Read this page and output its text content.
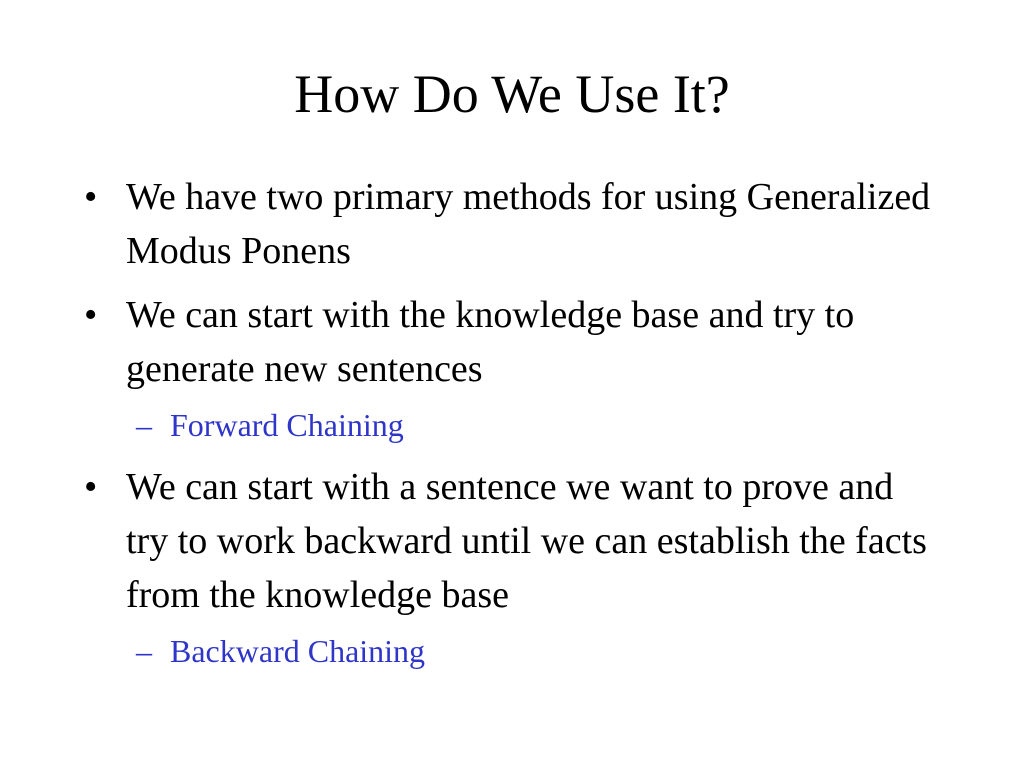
How Do We Use It?
• We have two primary methods for using Generalized Modus Ponens
• We can start with the knowledge base and try to generate new sentences
– Forward Chaining
• We can start with a sentence we want to prove and try to work backward until we can establish the facts from the knowledge base
– Backward Chaining
